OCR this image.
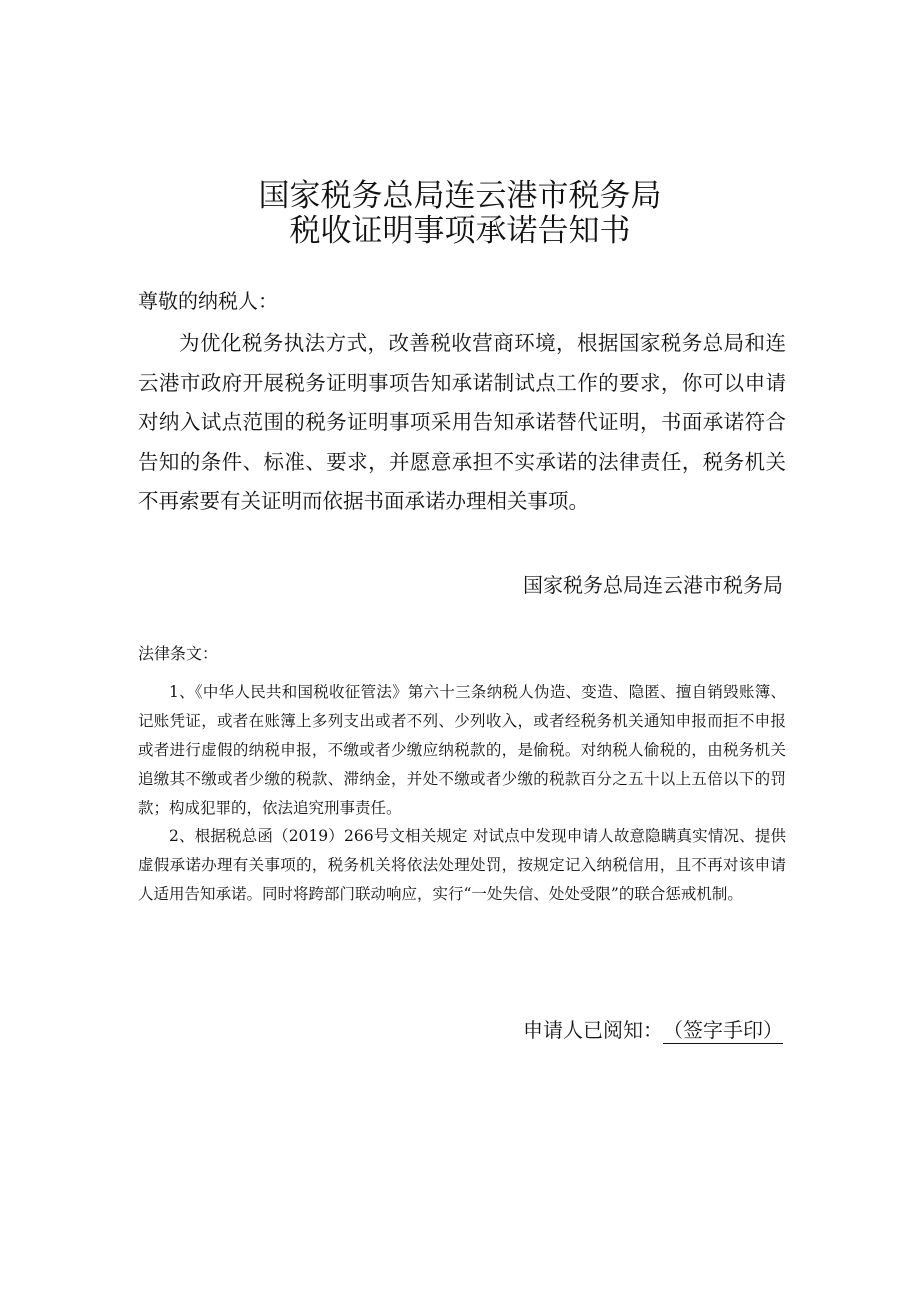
国家税务总局连云港市税务局
税收证明事项承诺告知书

尊敬的纳税人：

为优化税务执法方式，改善税收营商环境，根据国家税务总局和连云港市政府开展税务证明事项告知承诺制试点工作的要求，你可以申请对纳入试点范围的税务证明事项采用告知承诺替代证明，书面承诺符合告知的条件、标准、要求，并愿意承担不实承诺的法律责任，税务机关不再索要有关证明而依据书面承诺办理相关事项。

国家税务总局连云港市税务局

法律条文：

1、《中华人民共和国税收征管法》第六十三条纳税人伪造、变造、隐匿、擅自销毁账簿、记账凭证，或者在账簿上多列支出或者不列、少列收入，或者经税务机关通知申报而拒不申报或者进行虚假的纳税申报，不缴或者少缴应纳税款的，是偷税。对纳税人偷税的，由税务机关追缴其不缴或者少缴的税款、滞纳金，并处不缴或者少缴的税款百分之五十以上五倍以下的罚款；构成犯罪的，依法追究刑事责任。

2、根据税总函（2019）266号文相关规定 对试点中发现申请人故意隐瞒真实情况、提供虚假承诺办理有关事项的，税务机关将依法处理处罚，按规定记入纳税信用，且不再对该申请人适用告知承诺。同时将跨部门联动响应，实行“一处失信、处处受限”的联合惩戒机制。

申请人已阅知：（签字手印）
